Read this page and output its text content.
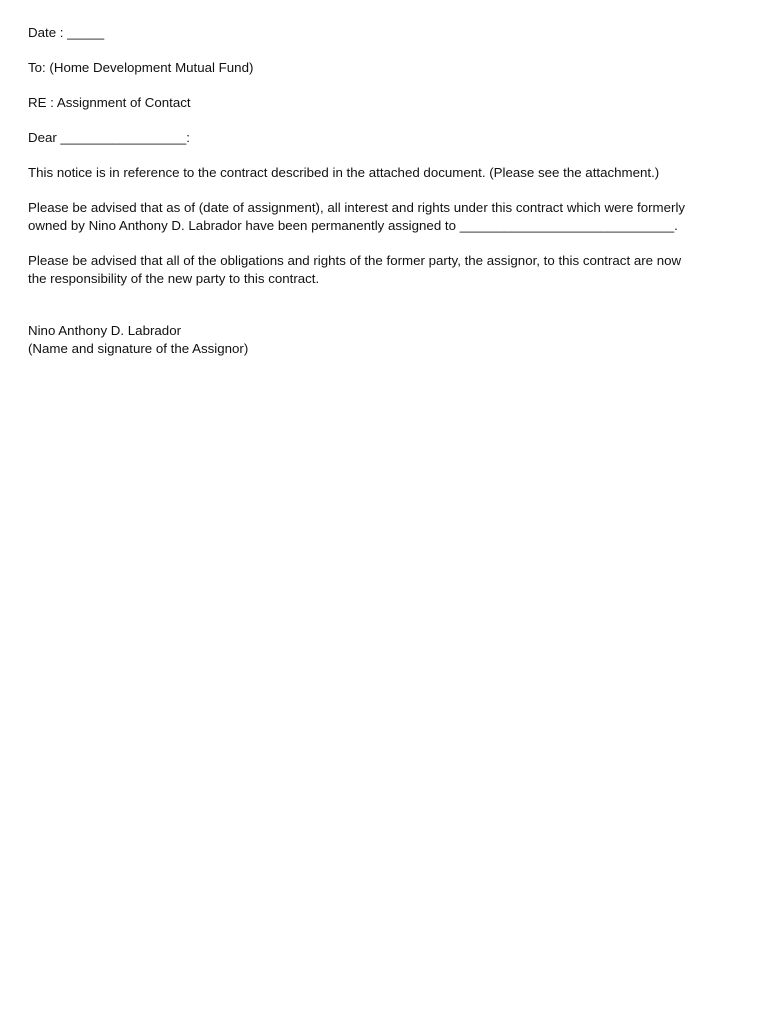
Date : _____

To: (Home Development Mutual Fund)

RE : Assignment of Contact

Dear _________________:

This notice is in reference to the contract described in the attached document. (Please see the attachment.)

Please be advised that as of (date of assignment), all interest and rights under this contract which were formerly

owned by Nino Anthony D. Labrador have been permanently assigned to _____________________________.

Please be advised that all of the obligations and rights of the former party, the assignor, to this contract are now

the responsibility of the new party to this contract.

Nino Anthony D. Labrador

(Name and signature of the Assignor)
